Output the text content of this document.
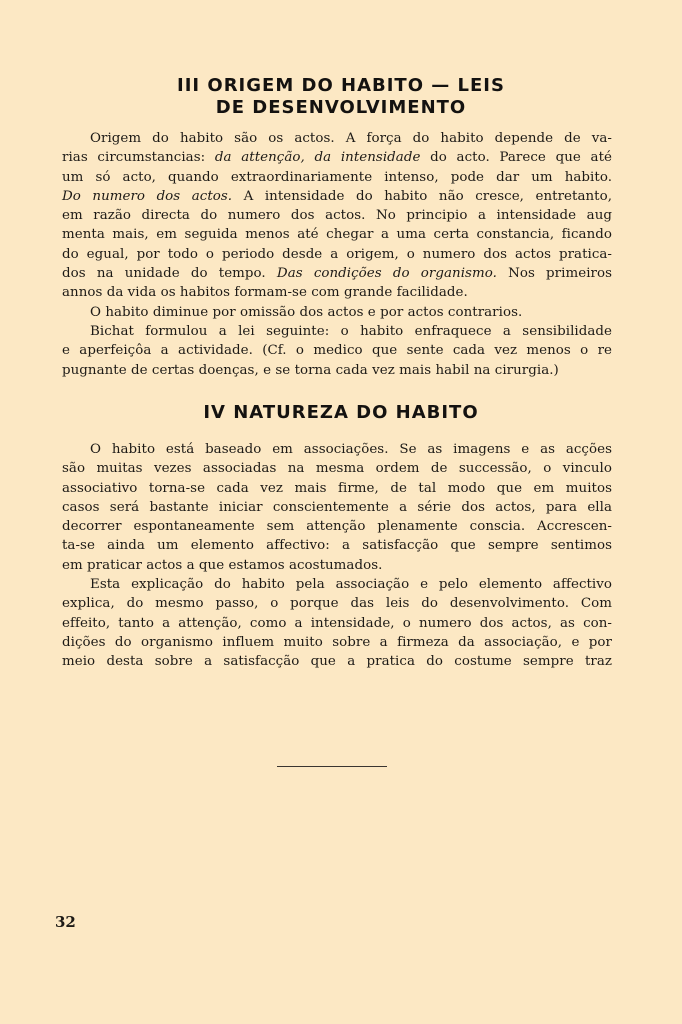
III ORIGEM DO HABITO — LEIS
DE DESENVOLVIMENTO
Origem do habito são os actos. A força do habito depende de va-
rias circumstancias: da attenção, da intensidade do acto. Parece que até
um só acto, quando extraordinariamente intenso, pode dar um habito.
Do numero dos actos. A intensidade do habito não cresce, entretanto,
em razão directa do numero dos actos. No principio a intensidade aug
menta mais, em seguida menos até chegar a uma certa constancia, ficando
do egual, por todo o periodo desde a origem, o numero dos actos pratica-
dos na unidade do tempo. Das condições do organismo. Nos primeiros
annos da vida os habitos formam-se com grande facilidade.
O habito diminue por omissão dos actos e por actos contrarios.
Bichat formulou a lei seguinte: o habito enfraquece a sensibilidade
e aperfeiçôa a actividade. (Cf. o medico que sente cada vez menos o re
pugnante de certas doenças, e se torna cada vez mais habil na cirurgia.)
IV NATUREZA DO HABITO
O habito está baseado em associações. Se as imagens e as acções
são muitas vezes associadas na mesma ordem de successão, o vinculo
associativo torna-se cada vez mais firme, de tal modo que em muitos
casos será bastante iniciar conscientemente a série dos actos, para ella
decorrer espontaneamente sem attenção plenamente conscia. Accrescen-
ta-se ainda um elemento affectivo: a satisfacção que sempre sentimos
em praticar actos a que estamos acostumados.
Esta explicação do habito pela associação e pelo elemento affectivo
explica, do mesmo passo, o porque das leis do desenvolvimento. Com
effeito, tanto a attenção, como a intensidade, o numero dos actos, as con-
dições do organismo influem muito sobre a firmeza da associação, e por
meio desta sobre a satisfacção que a pratica do costume sempre traz
32
